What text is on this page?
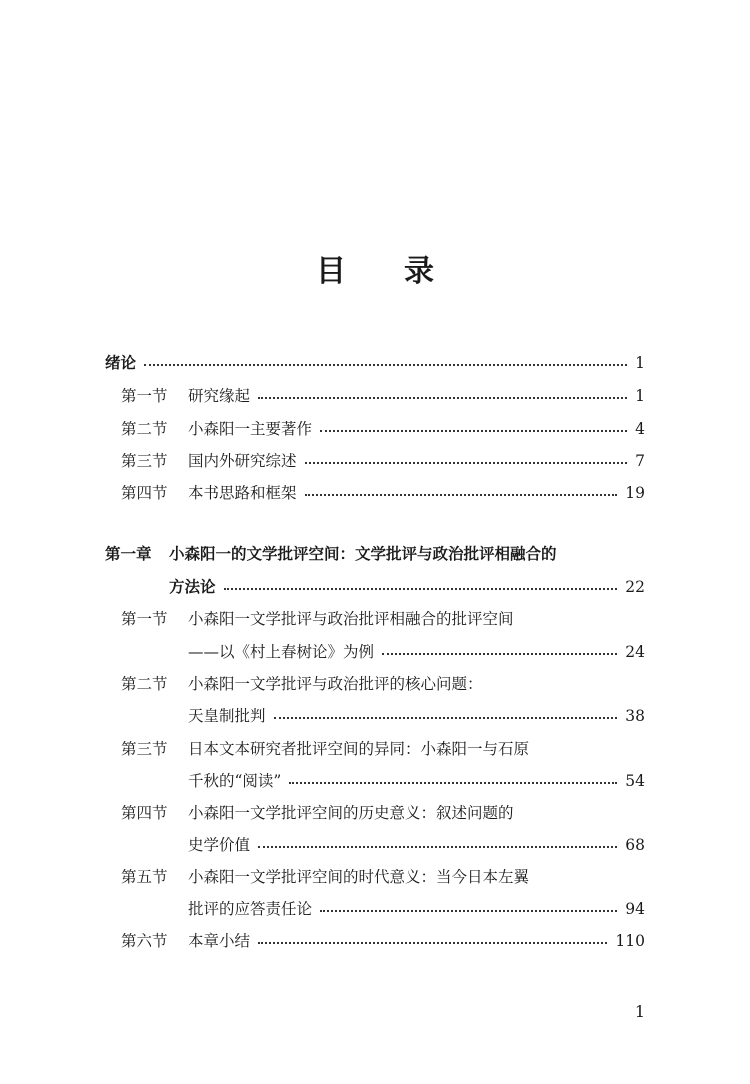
目 录
绪论	1
第一节	研究缘起	1
第二节	小森阳一主要著作	4
第三节	国内外研究综述	7
第四节	本书思路和框架	19
第一章 小森阳一的文学批评空间：文学批评与政治批评相融合的
方法论	22
第一节 小森阳一文学批评与政治批评相融合的批评空间
——以《村上春树论》为例	24
第二节 小森阳一文学批评与政治批评的核心问题：
天皇制批判	38
第三节 日本文本研究者批评空间的异同：小森阳一与石原
千秋的“阅读”	54
第四节 小森阳一文学批评空间的历史意义：叙述问题的
史学价值	68
第五节 小森阳一文学批评空间的时代意义：当今日本左翼
批评的应答责任论	94
第六节	本章小结	110
1
